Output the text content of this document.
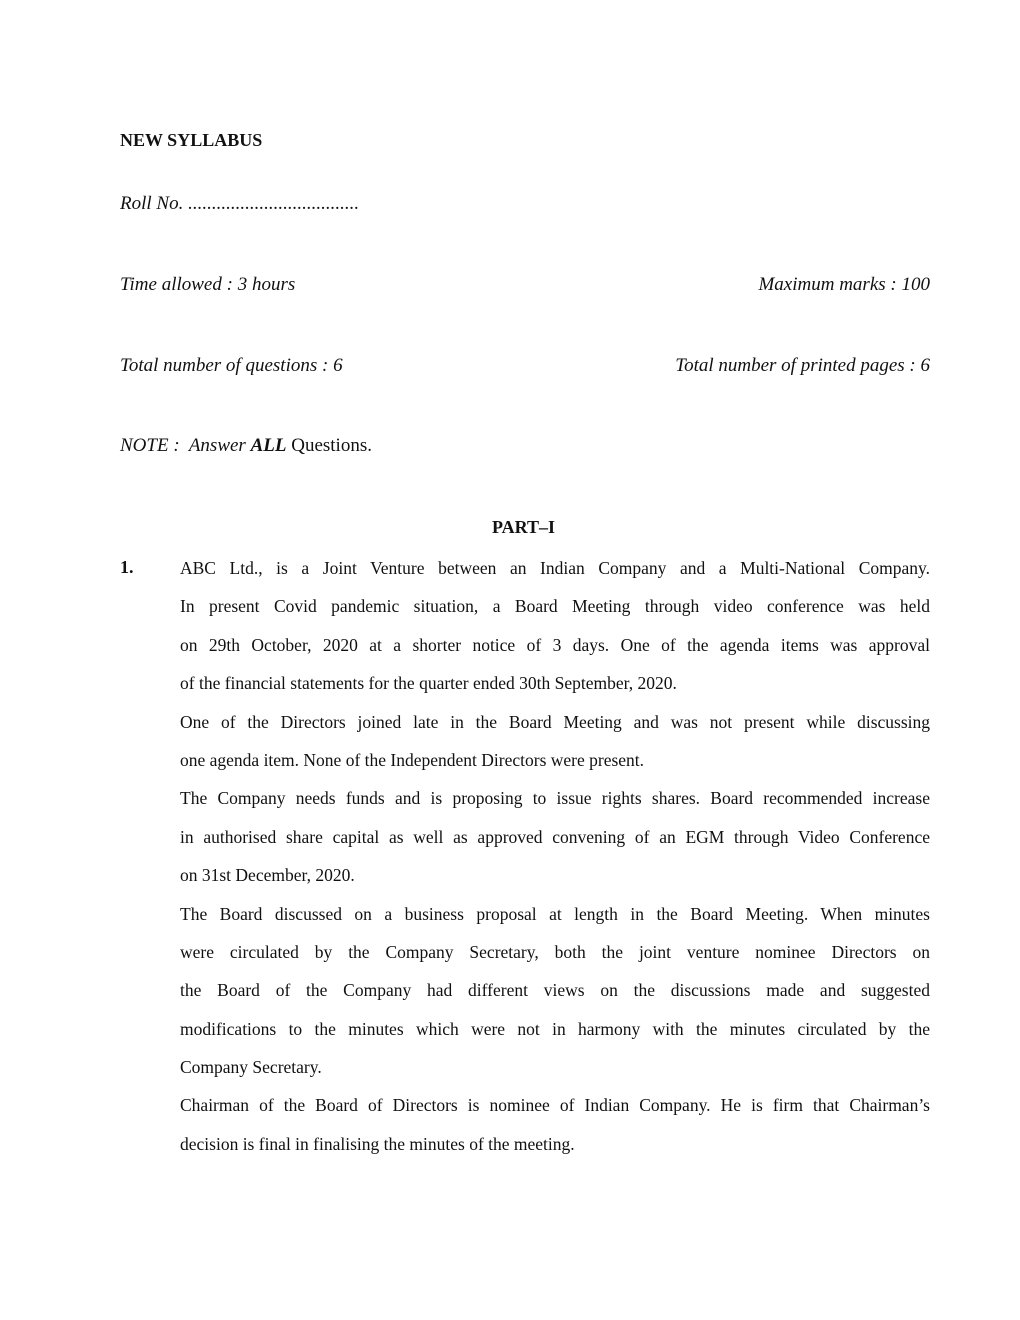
NEW SYLLABUS
Roll No. ....................................
Time allowed : 3 hours	Maximum marks : 100
Total number of questions : 6	Total number of printed pages : 6
NOTE : Answer ALL Questions.
PART–I
1.	ABC Ltd., is a Joint Venture between an Indian Company and a Multi-National Company.
In present Covid pandemic situation, a Board Meeting through video conference was held
on 29th October, 2020 at a shorter notice of 3 days. One of the agenda items was approval
of the financial statements for the quarter ended 30th September, 2020.
One of the Directors joined late in the Board Meeting and was not present while discussing
one agenda item. None of the Independent Directors were present.
The Company needs funds and is proposing to issue rights shares. Board recommended increase
in authorised share capital as well as approved convening of an EGM through Video Conference
on 31st December, 2020.
The Board discussed on a business proposal at length in the Board Meeting. When minutes
were circulated by the Company Secretary, both the joint venture nominee Directors on
the Board of the Company had different views on the discussions made and suggested
modifications to the minutes which were not in harmony with the minutes circulated by the
Company Secretary.
Chairman of the Board of Directors is nominee of Indian Company. He is firm that Chairman’s
decision is final in finalising the minutes of the meeting.
